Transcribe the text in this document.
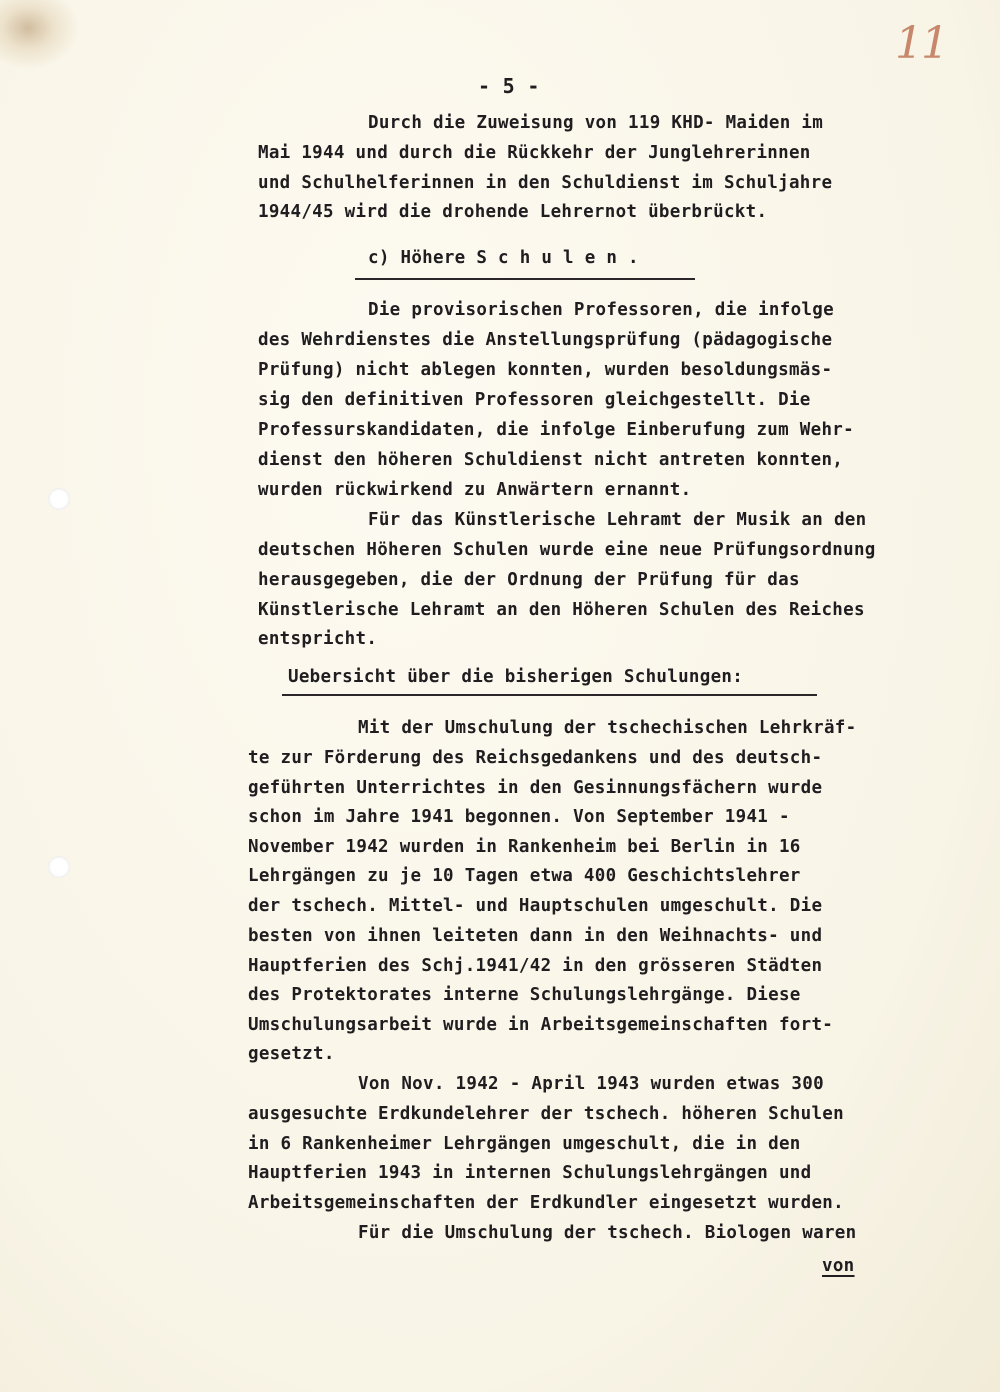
11
- 5 -
Durch die Zuweisung von 119 KHD- Maiden im
Mai 1944 und durch die Rückkehr der Junglehrerinnen
und Schulhelferinnen in den Schuldienst im Schuljahre
1944/45 wird die drohende Lehrernot überbrückt.
c) Höhere S c h u l e n .
Die provisorischen Professoren, die infolge
des Wehrdienstes die Anstellungsprüfung (pädagogische
Prüfung) nicht ablegen konnten, wurden besoldungsmäs-
sig den definitiven Professoren gleichgestellt. Die
Professurskandidaten, die infolge Einberufung zum Wehr-
dienst den höheren Schuldienst nicht antreten konnten,
wurden rückwirkend zu Anwärtern ernannt.
Für das Künstlerische Lehramt der Musik an den
deutschen Höheren Schulen wurde eine neue Prüfungsordnung
herausgegeben, die der Ordnung der Prüfung für das
Künstlerische Lehramt an den Höheren Schulen des Reiches
entspricht.
Uebersicht über die bisherigen Schulungen:
Mit der Umschulung der tschechischen Lehrkräf-
te zur Förderung des Reichsgedankens und des deutsch-
geführten Unterrichtes in den Gesinnungsfächern wurde
schon im Jahre 1941 begonnen. Von September 1941 -
November 1942 wurden in Rankenheim bei Berlin in 16
Lehrgängen zu je 10 Tagen etwa 400 Geschichtslehrer
der tschech. Mittel- und Hauptschulen umgeschult. Die
besten von ihnen leiteten dann in den Weihnachts- und
Hauptferien des Schj.1941/42 in den grösseren Städten
des Protektorates interne Schulungslehrgänge. Diese
Umschulungsarbeit wurde in Arbeitsgemeinschaften fort-
gesetzt.
Von Nov. 1942 - April 1943 wurden etwas 300
ausgesuchte Erdkundelehrer der tschech. höheren Schulen
in 6 Rankenheimer Lehrgängen umgeschult, die in den
Hauptferien 1943 in internen Schulungslehrgängen und
Arbeitsgemeinschaften der Erdkundler eingesetzt wurden.
Für die Umschulung der tschech. Biologen waren
von
